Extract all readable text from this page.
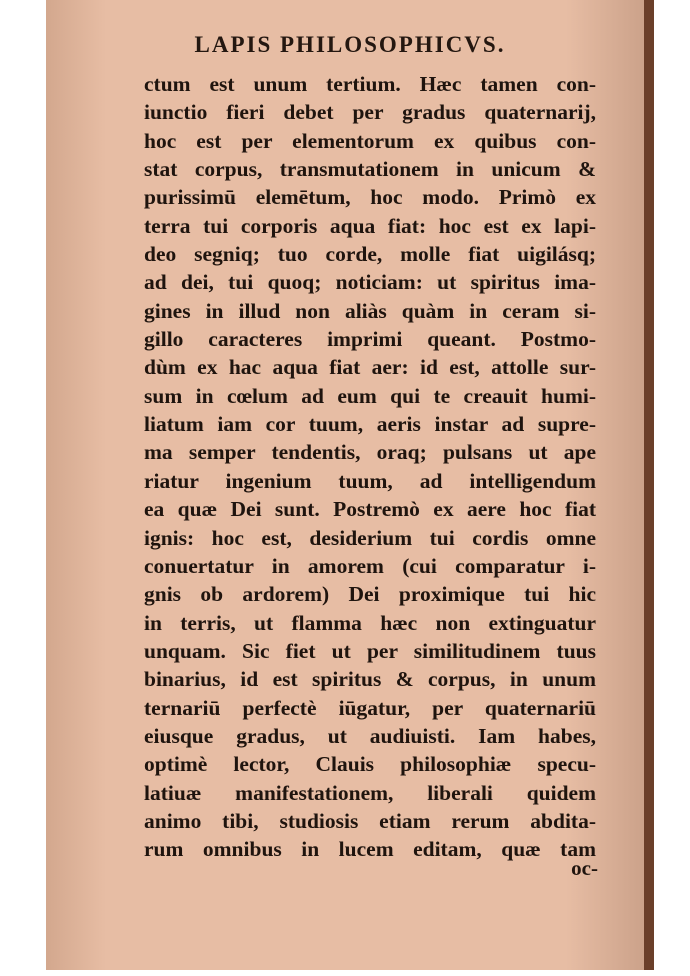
LAPIS PHILOSOPHICVS.
ctum est unum tertium. Hæc tamen con-
iunctio fieri debet per gradus quaternarij,
hoc est per elementorum ex quibus con-
stat corpus, transmutationem in unicum &
purissimū elemētum, hoc modo. Primò ex
terra tui corporis aqua fiat: hoc est ex lapi-
deo segniq; tuo corde, molle fiat uigilásq;
ad dei, tui quoq; noticiam: ut spiritus ima-
gines in illud non aliàs quàm in ceram si-
gillo caracteres imprimi queant. Postmo-
dùm ex hac aqua fiat aer: id est, attolle sur-
sum in cœlum ad eum qui te creauit humi-
liatum iam cor tuum, aeris instar ad supre-
ma semper tendentis, oraq; pulsans ut ape
riatur ingenium tuum, ad intelligendum
ea quæ Dei sunt. Postremò ex aere hoc fiat
ignis: hoc est, desiderium tui cordis omne
conuertatur in amorem (cui comparatur i-
gnis ob ardorem) Dei proximique tui hic
in terris, ut flamma hæc non extinguatur
unquam. Sic fiet ut per similitudinem tuus
binarius, id est spiritus & corpus, in unum
ternariū perfectè iūgatur, per quaternariū
eiusque gradus, ut audiuisti. Iam habes,
optimè lector, Clauis philosophiæ specu-
latiuæ manifestationem, liberali quidem
animo tibi, studiosis etiam rerum abdita-
rum omnibus in lucem editam, quæ tam
oc-
